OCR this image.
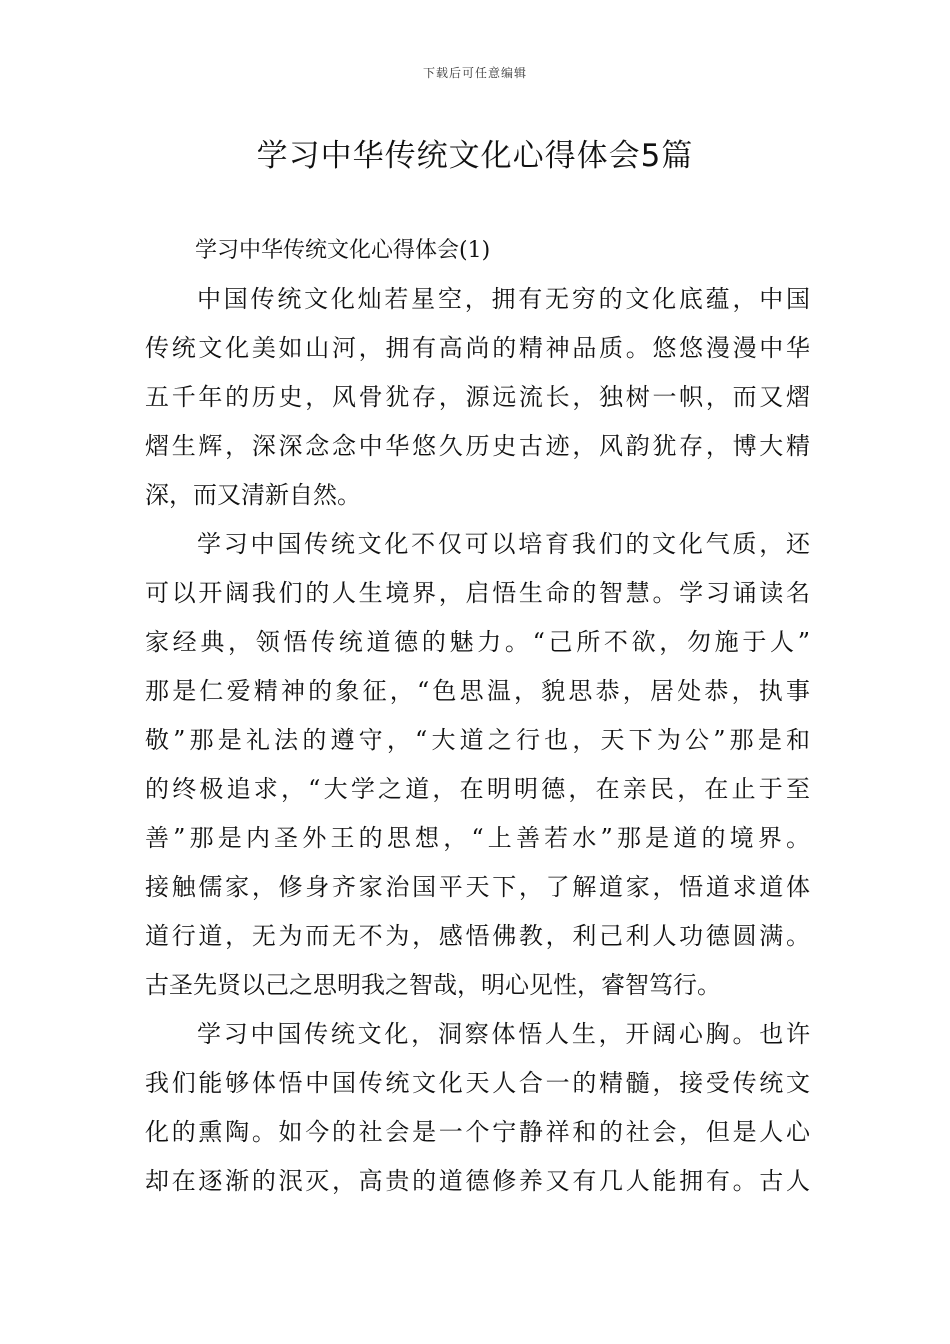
下载后可任意编辑
学习中华传统文化心得体会5篇
学习中华传统文化心得体会(1)
中国传统文化灿若星空，拥有无穷的文化底蕴，中国
传统文化美如山河，拥有高尚的精神品质。悠悠漫漫中华
五千年的历史，风骨犹存，源远流长，独树一帜，而又熠
熠生辉，深深念念中华悠久历史古迹，风韵犹存，博大精
深，而又清新自然。
学习中国传统文化不仅可以培育我们的文化气质，还
可以开阔我们的人生境界，启悟生命的智慧。学习诵读名
家经典，领悟传统道德的魅力。“己所不欲，勿施于人”
那是仁爱精神的象征，“色思温，貌思恭，居处恭，执事
敬”那是礼法的遵守，“大道之行也，天下为公”那是和
的终极追求，“大学之道，在明明德，在亲民，在止于至
善”那是内圣外王的思想，“上善若水”那是道的境界。
接触儒家，修身齐家治国平天下，了解道家，悟道求道体
道行道，无为而无不为，感悟佛教，利己利人功德圆满。
古圣先贤以己之思明我之智哉，明心见性，睿智笃行。
学习中国传统文化，洞察体悟人生，开阔心胸。也许
我们能够体悟中国传统文化天人合一的精髓，接受传统文
化的熏陶。如今的社会是一个宁静祥和的社会，但是人心
却在逐渐的泯灭，高贵的道德修养又有几人能拥有。古人
